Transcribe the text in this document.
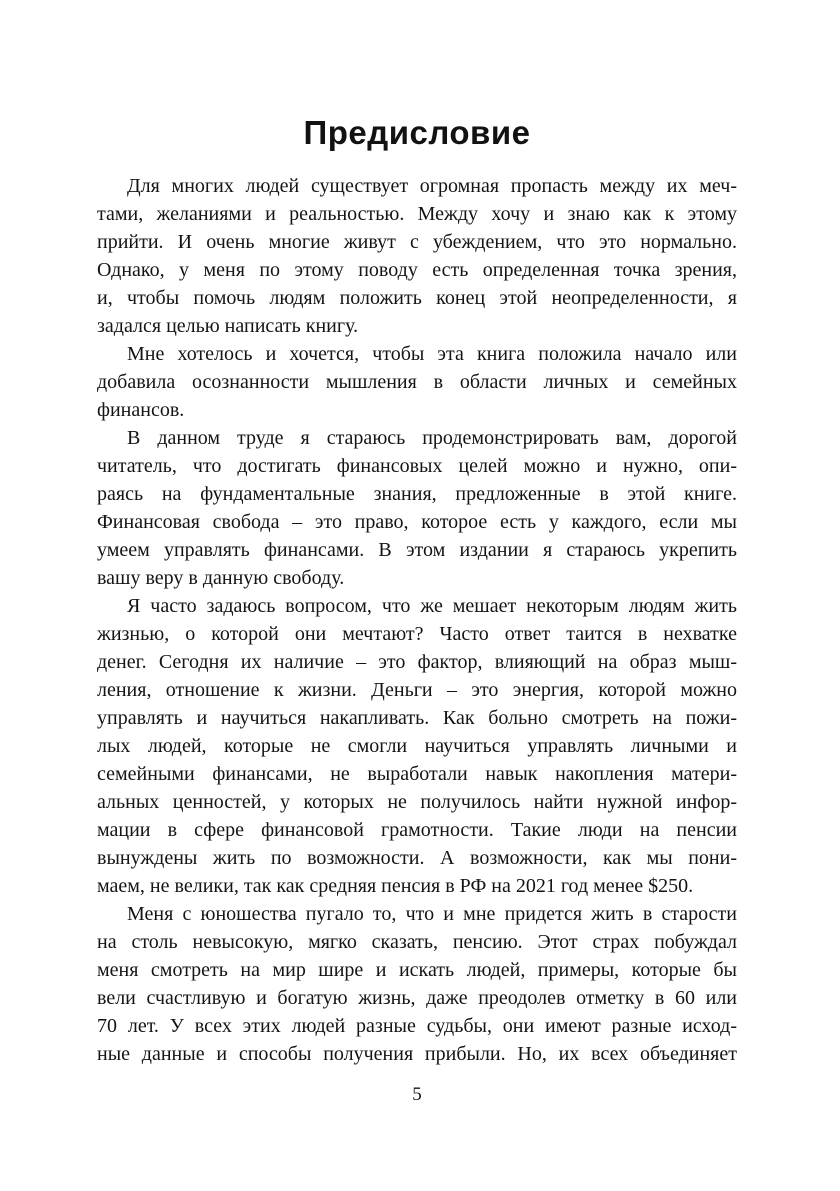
Предисловие
Для многих людей существует огромная пропасть между их меч-
тами, желаниями и реальностью. Между хочу и знаю как к этому
прийти. И очень многие живут с убеждением, что это нормально.
Однако, у меня по этому поводу есть определенная точка зрения,
и, чтобы помочь людям положить конец этой неопределенности, я
задался целью написать книгу.
Мне хотелось и хочется, чтобы эта книга положила начало или
добавила осознанности мышления в области личных и семейных
финансов.
В данном труде я стараюсь продемонстрировать вам, дорогой
читатель, что достигать финансовых целей можно и нужно, опи-
раясь на фундаментальные знания, предложенные в этой книге.
Финансовая свобода – это право, которое есть у каждого, если мы
умеем управлять финансами. В этом издании я стараюсь укрепить
вашу веру в данную свободу.
Я часто задаюсь вопросом, что же мешает некоторым людям жить
жизнью, о которой они мечтают? Часто ответ таится в нехватке
денег. Сегодня их наличие – это фактор, влияющий на образ мыш-
ления, отношение к жизни. Деньги – это энергия, которой можно
управлять и научиться накапливать. Как больно смотреть на пожи-
лых людей, которые не смогли научиться управлять личными и
семейными финансами, не выработали навык накопления матери-
альных ценностей, у которых не получилось найти нужной инфор-
мации в сфере финансовой грамотности. Такие люди на пенсии
вынуждены жить по возможности. А возможности, как мы пони-
маем, не велики, так как средняя пенсия в РФ на 2021 год менее $250.
Меня с юношества пугало то, что и мне придется жить в старости
на столь невысокую, мягко сказать, пенсию. Этот страх побуждал
меня смотреть на мир шире и искать людей, примеры, которые бы
вели счастливую и богатую жизнь, даже преодолев отметку в 60 или
70 лет. У всех этих людей разные судьбы, они имеют разные исход-
ные данные и способы получения прибыли. Но, их всех объединяет
5
